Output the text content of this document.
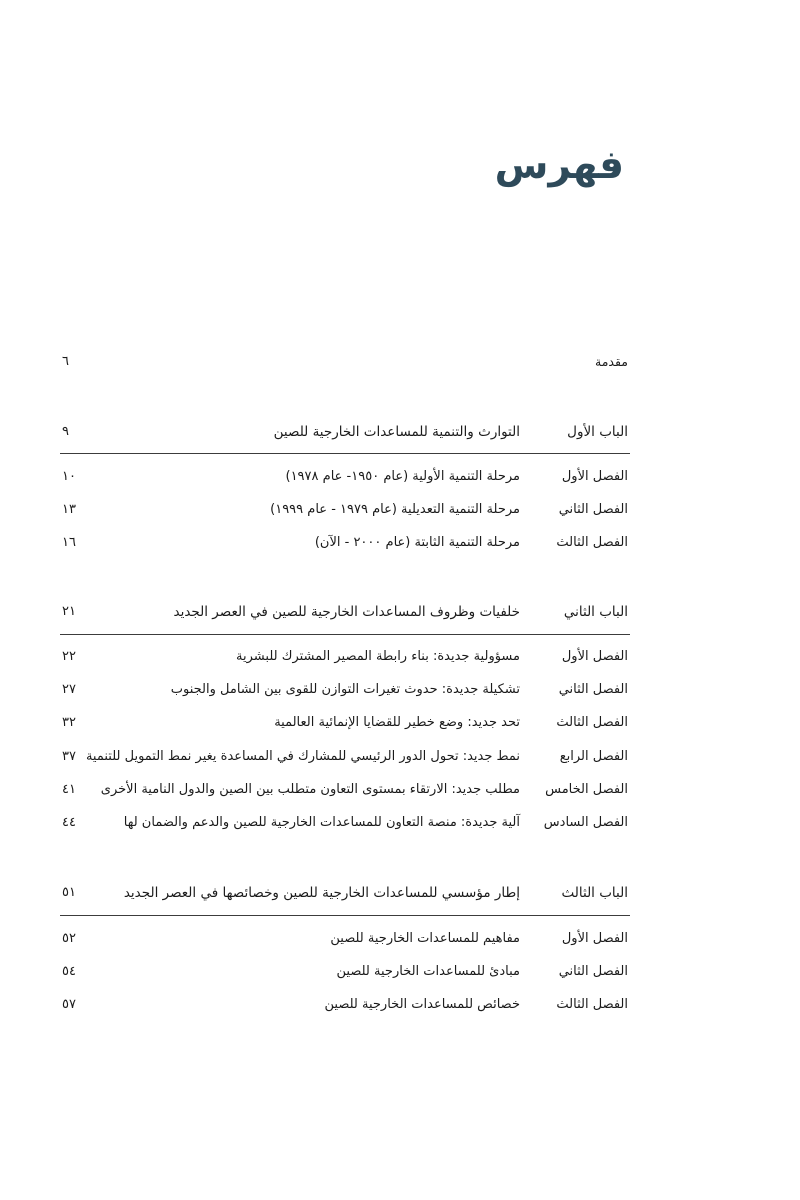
فهرس
مقدمة
٦
الباب الأول
التوارث والتنمية للمساعدات الخارجية للصين
٩
الفصل الأول
مرحلة التنمية الأولية (عام ١٩٥٠- عام ١٩٧٨)
١٠
الفصل الثاني
مرحلة التنمية التعديلية (عام ١٩٧٩ - عام ١٩٩٩)
١٣
الفصل الثالث
مرحلة التنمية الثابتة (عام ٢٠٠٠ - الآن)
١٦
الباب الثاني
خلفيات وظروف المساعدات الخارجية للصين في العصر الجديد
٢١
الفصل الأول
مسؤولية جديدة: بناء رابطة المصير المشترك للبشرية
٢٢
الفصل الثاني
تشكيلة جديدة: حدوث تغيرات التوازن للقوى بين الشامل والجنوب
٢٧
الفصل الثالث
تحد جديد: وضع خطير للقضايا الإنمائية العالمية
٣٢
الفصل الرابع
نمط جديد: تحول الدور الرئيسي للمشارك في المساعدة يغير نمط التمويل للتنمية
٣٧
الفصل الخامس
مطلب جديد: الارتقاء بمستوى التعاون متطلب بين الصين والدول النامية الأخرى
٤١
الفصل السادس
آلية جديدة: منصة التعاون للمساعدات الخارجية للصين والدعم والضمان لها
٤٤
الباب الثالث
إطار مؤسسي للمساعدات الخارجية للصين وخصائصها في العصر الجديد
٥١
الفصل الأول
مفاهيم للمساعدات الخارجية للصين
٥٢
الفصل الثاني
مبادئ للمساعدات الخارجية للصين
٥٤
الفصل الثالث
خصائص للمساعدات الخارجية للصين
٥٧
